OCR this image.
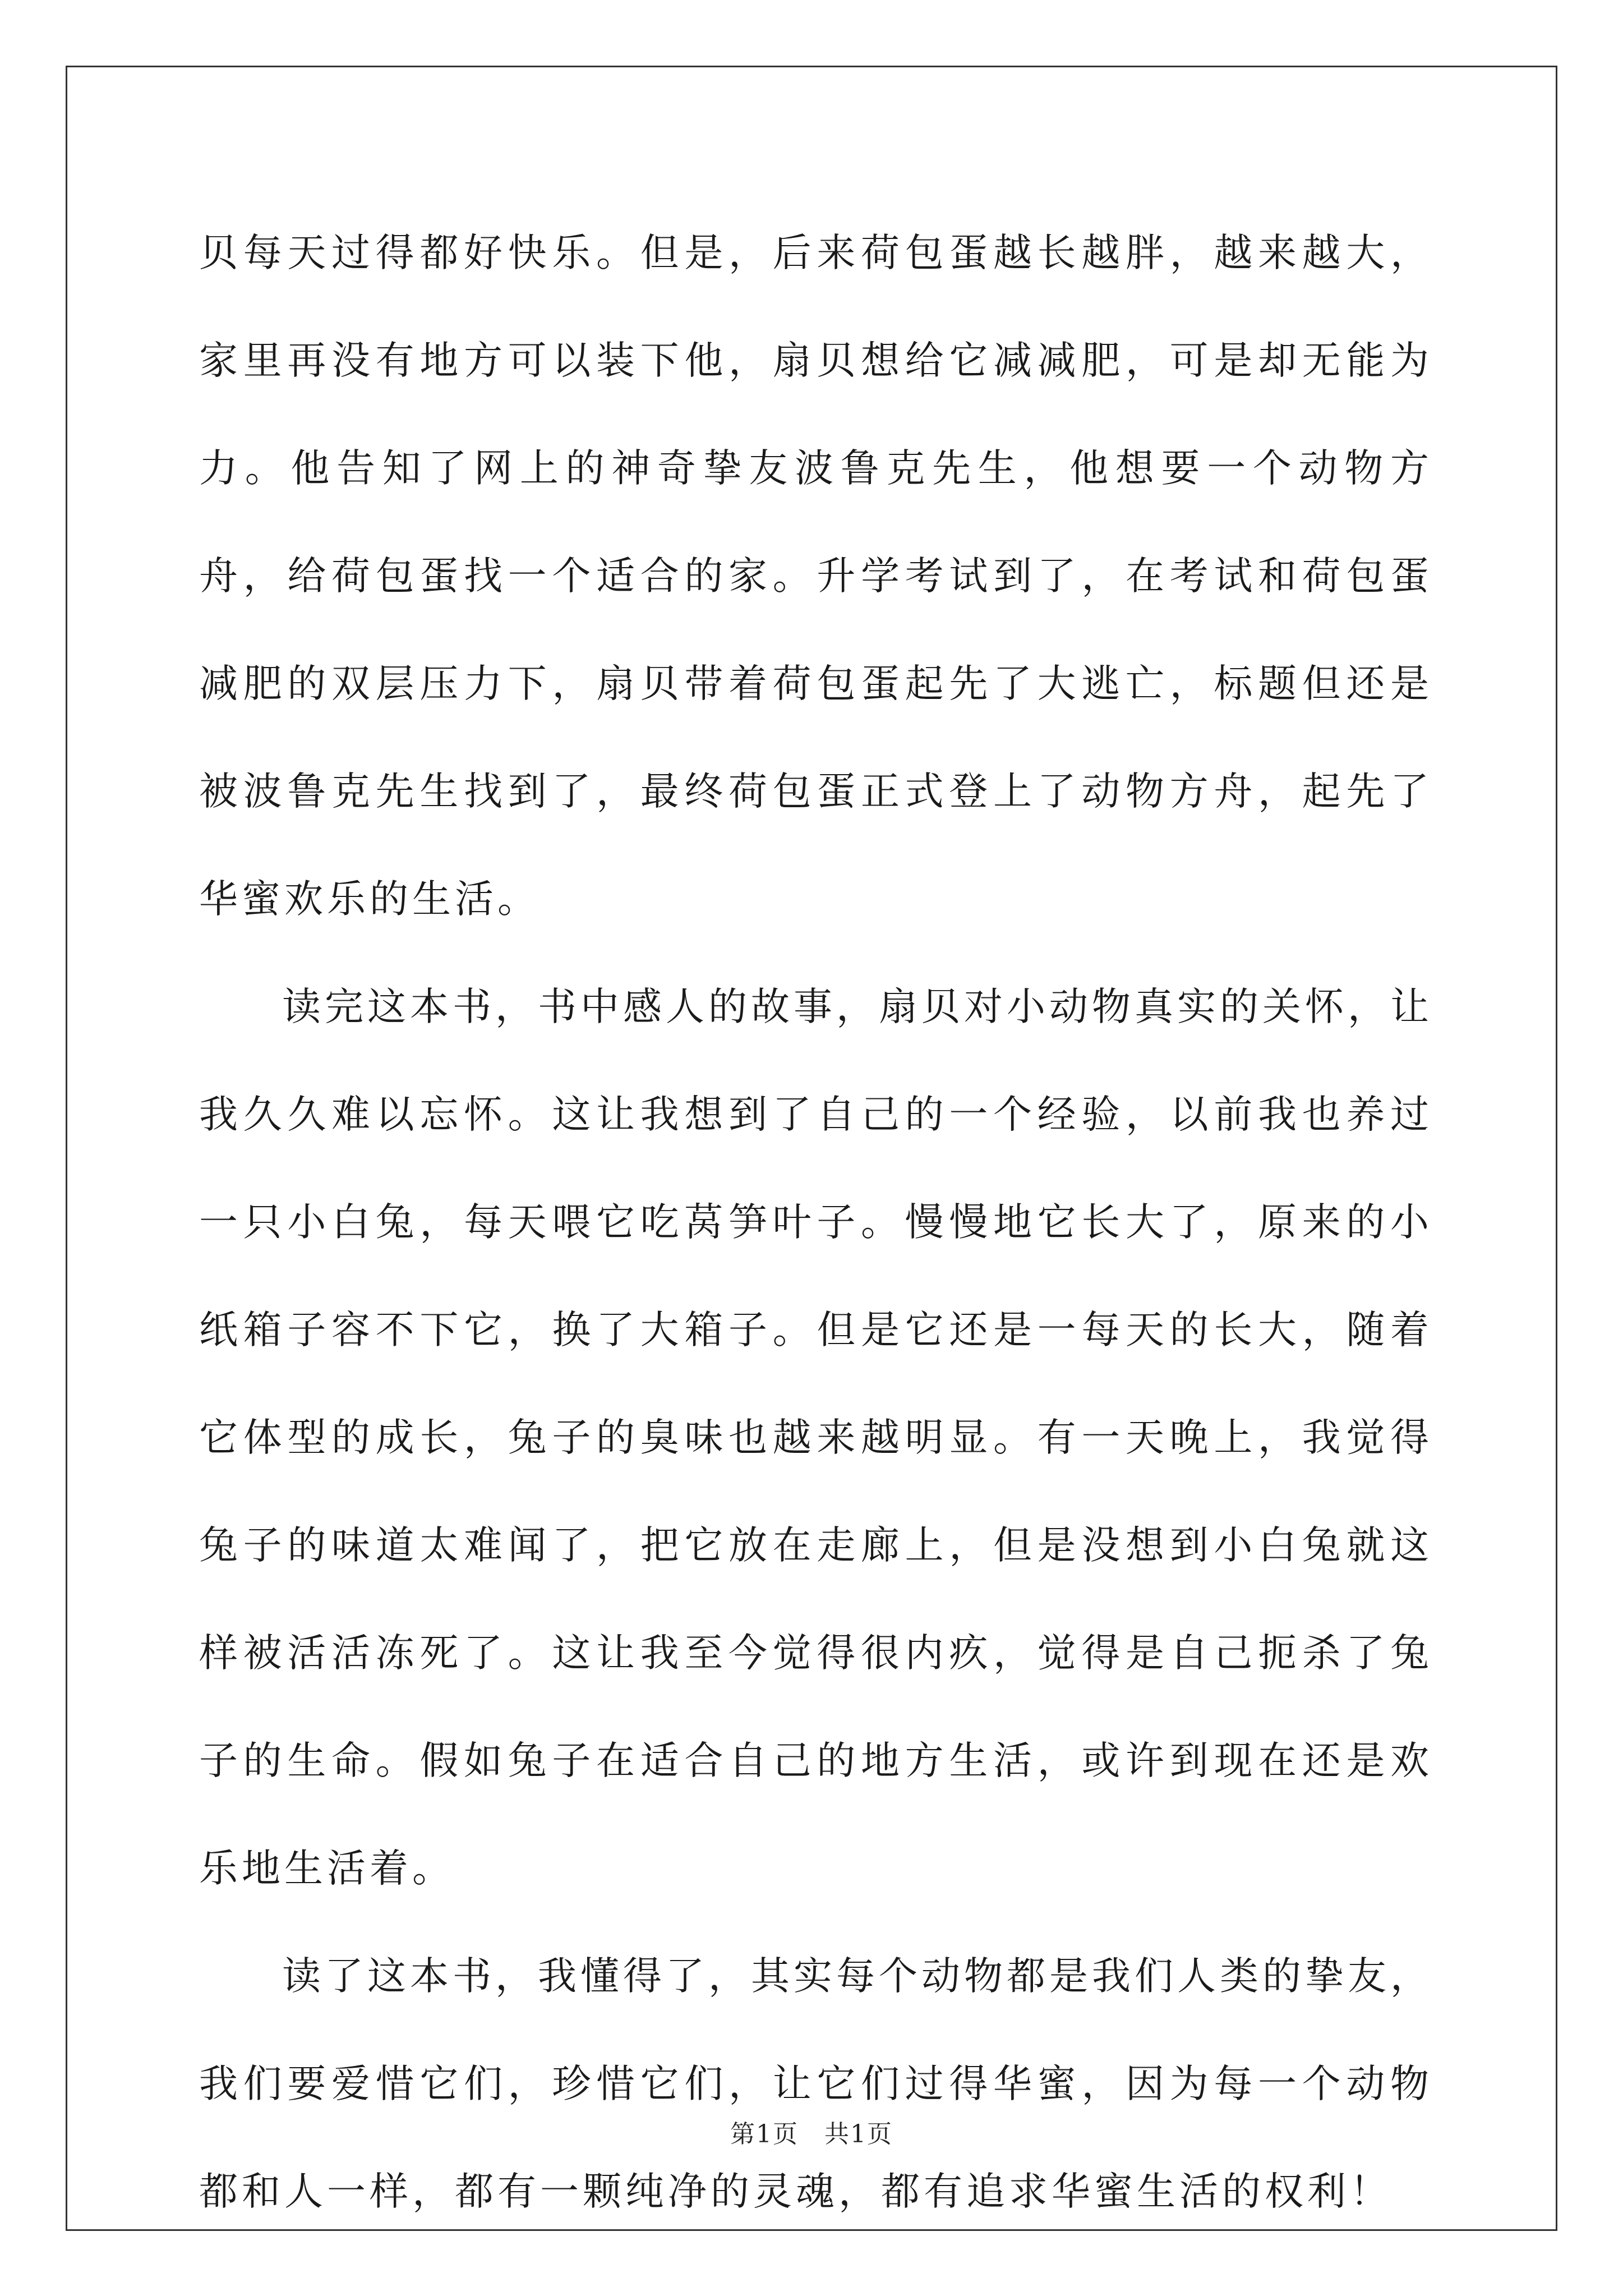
贝每天过得都好快乐。但是，后来荷包蛋越长越胖，越来越大，家里再没有地方可以装下他，扇贝想给它减减肥，可是却无能为力。他告知了网上的神奇挚友波鲁克先生，他想要一个动物方舟，给荷包蛋找一个适合的家。升学考试到了，在考试和荷包蛋减肥的双层压力下，扇贝带着荷包蛋起先了大逃亡，标题但还是被波鲁克先生找到了，最终荷包蛋正式登上了动物方舟，起先了华蜜欢乐的生活。

读完这本书，书中感人的故事，扇贝对小动物真实的关怀，让我久久难以忘怀。这让我想到了自己的一个经验，以前我也养过一只小白兔，每天喂它吃莴笋叶子。慢慢地它长大了，原来的小纸箱子容不下它，换了大箱子。但是它还是一每天的长大，随着它体型的成长，兔子的臭味也越来越明显。有一天晚上，我觉得兔子的味道太难闻了，把它放在走廊上，但是没想到小白兔就这样被活活冻死了。这让我至今觉得很内疚，觉得是自己扼杀了兔子的生命。假如兔子在适合自己的地方生活，或许到现在还是欢乐地生活着。

读了这本书，我懂得了，其实每个动物都是我们人类的挚友，我们要爱惜它们，珍惜它们，让它们过得华蜜，因为每一个动物都和人一样，都有一颗纯净的灵魂，都有追求华蜜生活的权利！

第1页 共1页
